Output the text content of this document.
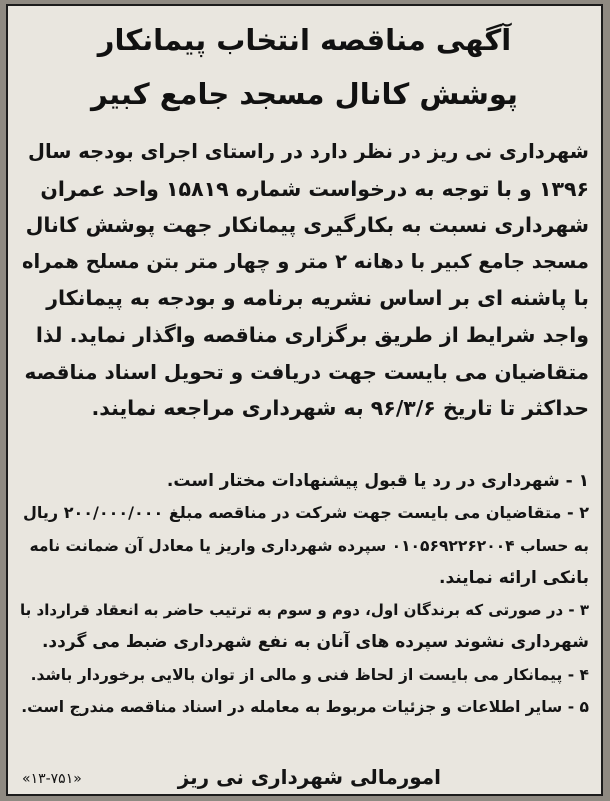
آگهی مناقصه انتخاب پیمانکار
پوشش کانال مسجد جامع کبیر
شهرداری نی ریز در نظر دارد در راستای اجرای بودجه سال
۱۳۹۶ و با توجه به درخواست شماره ۱۵۸۱۹ واحد عمران
شهرداری نسبت به بکارگیری پیمانکار جهت پوشش کانال
مسجد جامع کبیر با دهانه ۲ متر و چهار متر بتن مسلح همراه
با پاشنه ای بر اساس نشریه برنامه و بودجه به پیمانکار
واجد شرایط از طریق برگزاری مناقصه واگذار نماید. لذا
متقاضیان می بایست جهت دریافت و تحویل اسناد مناقصه
حداکثر تا تاریخ ۹۶/۳/۶ به شهرداری مراجعه نمایند.
۱ - شهرداری در رد یا قبول پیشنهادات مختار است.
۲ - متقاضیان می بایست جهت شرکت در مناقصه مبلغ ۲۰۰/۰۰۰/۰۰۰ ریال
به حساب ۰۱۰۵۶۹۲۲۶۲۰۰۴ سپرده شهرداری واریز یا معادل آن ضمانت نامه
بانکی ارائه نمایند.
۳ - در صورتی که برندگان اول، دوم و سوم به ترتیب حاضر به انعقاد قرارداد با
شهرداری نشوند سپرده های آنان به نفع شهرداری ضبط می گردد.
۴ - پیمانکار می بایست از لحاظ فنی و مالی از توان بالایی برخوردار باشد.
۵ - سایر اطلاعات و جزئیات مربوط به معامله در اسناد مناقصه مندرج است.
امورمالی شهرداری نی ریز
«۱۳-۷۵۱»
